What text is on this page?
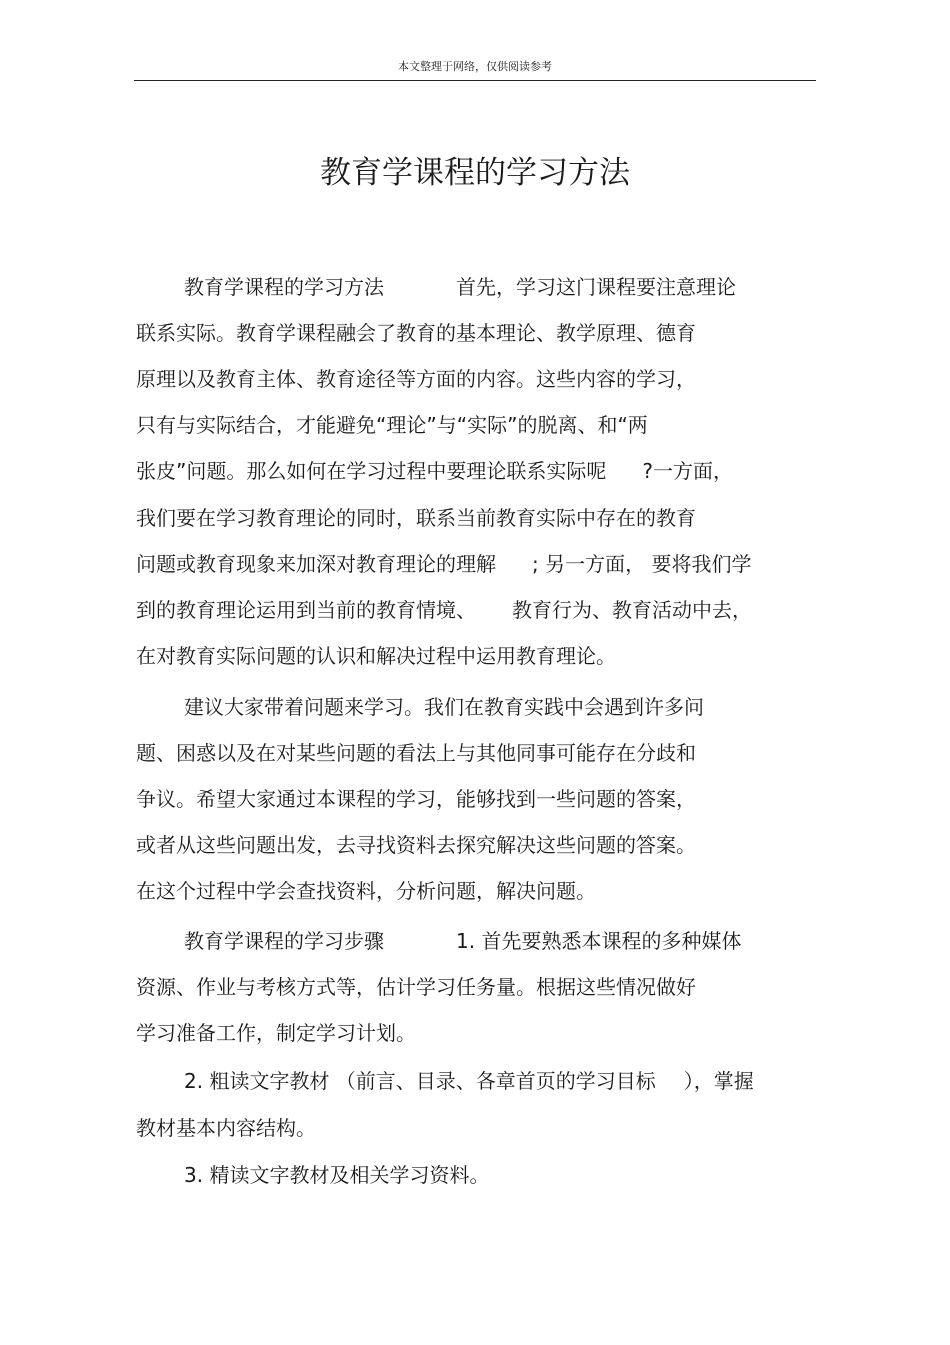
本文整理于网络，仅供阅读参考
教育学课程的学习方法
教育学课程的学习方法	首先，学习这门课程要注意理论
联系实际。教育学课程融会了教育的基本理论、教学原理、德育
原理以及教育主体、教育途径等方面的内容。这些内容的学习，
只有与实际结合，才能避免“理论”与“实际”的脱离、和“两
张皮”问题。那么如何在学习过程中要理论联系实际呢 ?一方面，
我们要在学习教育理论的同时，联系当前教育实际中存在的教育
问题或教育现象来加深对教育理论的理解 ; 另一方面， 要将我们学
到的教育理论运用到当前的教育情境、 教育行为、教育活动中去，
在对教育实际问题的认识和解决过程中运用教育理论。
建议大家带着问题来学习。我们在教育实践中会遇到许多问
题、困惑以及在对某些问题的看法上与其他同事可能存在分歧和
争议。希望大家通过本课程的学习，能够找到一些问题的答案，
或者从这些问题出发，去寻找资料去探究解决这些问题的答案。
在这个过程中学会查找资料，分析问题，解决问题。
教育学课程的学习步骤	1. 首先要熟悉本课程的多种媒体
资源、作业与考核方式等，估计学习任务量。根据这些情况做好
学习准备工作，制定学习计划。
2. 粗读文字教材 （前言、目录、各章首页的学习目标 ），掌握
教材基本内容结构。
3. 精读文字教材及相关学习资料。
